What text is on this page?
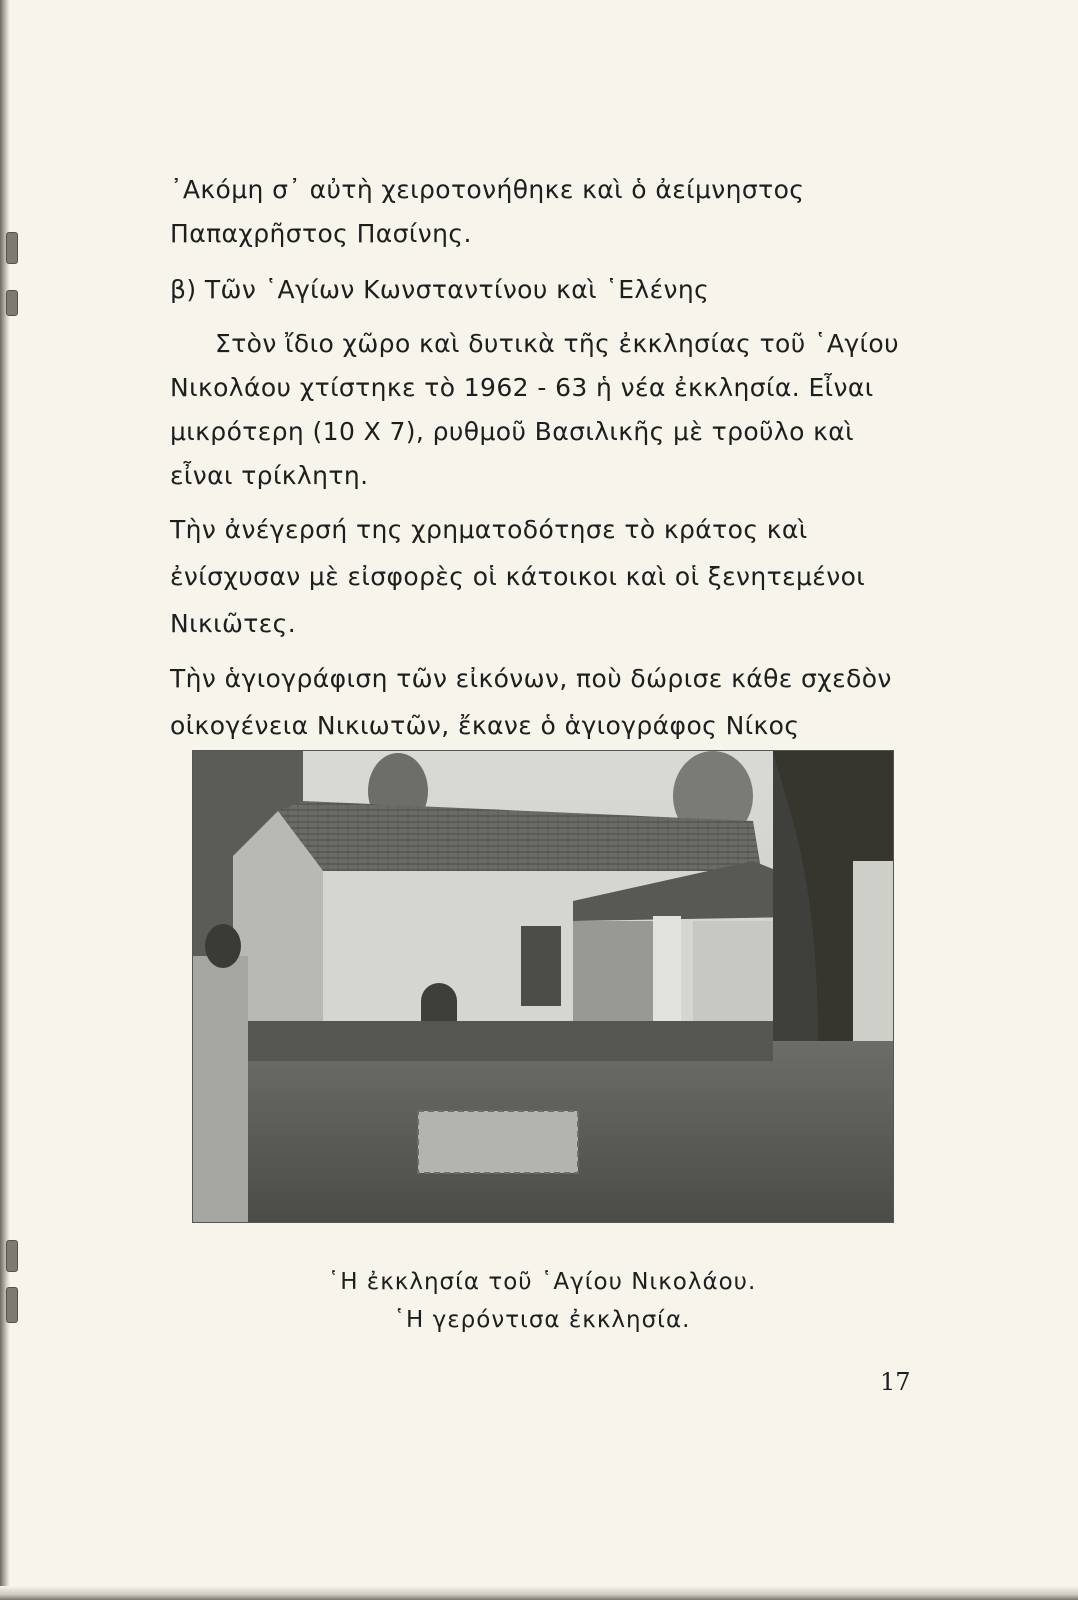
᾿Ακόμη σ᾿ αὐτὴ χειροτονήθηκε καὶ ὁ ἀείμνηστος Παπαχρῆστος Πασίνης.

β) Τῶν ῾Αγίων Κωνσταντίνου καὶ ῾Ελένης

Στὸν ἴδιο χῶρο καὶ δυτικὰ τῆς ἐκκλησίας τοῦ ῾Αγίου Νικολάου χτίστηκε τὸ 1962 - 63 ἡ νέα ἐκκλησία. Εἶναι μικρότερη (10 X 7), ρυθμοῦ Βασιλικῆς μὲ τροῦλο καὶ εἶναι τρίκλητη.

Τὴν ἀνέγερσή της χρηματοδότησε τὸ κράτος καὶ ἐνίσχυσαν μὲ εἰσφορὲς οἱ κάτοικοι καὶ οἱ ξενητεμένοι Νικιῶτες.

Τὴν ἁγιογράφιση τῶν εἰκόνων, ποὺ δώρισε κάθε σχεδὸν οἰκογένεια Νικιωτῶν, ἔκανε ὁ ἁγιογράφος Νίκος

῾Η ἐκκλησία τοῦ ῾Αγίου Νικολάου.
῾Η γερόντισα ἐκκλησία.
17
